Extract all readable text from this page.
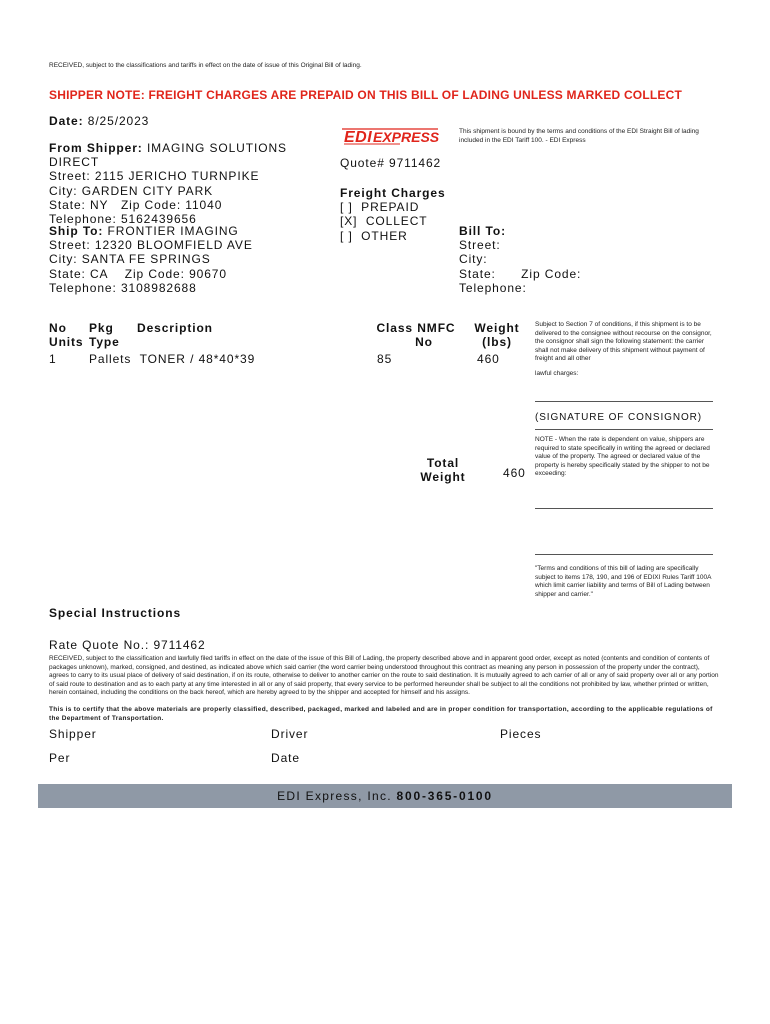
RECEIVED, subject to the classifications and tariffs in effect on the date of issue of this Original Bill of lading.
SHIPPER NOTE: FREIGHT CHARGES ARE PREPAID ON THIS BILL OF LADING UNLESS MARKED COLLECT
Date: 8/25/2023
EDI EXPRESS	This shipment is bound by the terms and conditions of the EDI Straight Bill of lading included in the EDI Tariff 100. - EDI Express
From Shipper: IMAGING SOLUTIONS DIRECT
Street: 2115 JERICHO TURNPIKE
City: GARDEN CITY PARK
State: NY   Zip Code: 11040
Telephone: 5162439656
Quote# 9711462
Freight Charges
[ ]  PREPAID
[X]  COLLECT
[ ]  OTHER
Ship To: FRONTIER IMAGING
Street: 12320 BLOOMFIELD AVE
City: SANTA FE SPRINGS
State: CA    Zip Code: 90670
Telephone: 3108982688
Bill To:
Street:
City:
State:      Zip Code:
Telephone:
No
Units
Pkg
Type
Description	Class NMFC
No
Weight
(lbs)
1	Pallets TONER / 48*40*39	85	460
Subject to Section 7 of conditions, if this shipment is to be delivered to the consignee without recourse on the consignor, the consignor shall sign the following statement: the carrier shall not make delivery of this shipment without payment of freight and all other
lawful charges:
(SIGNATURE OF CONSIGNOR)
NOTE - When the rate is dependent on value, shippers are required to state specifically in writing the agreed or declared value of the property. The agreed or declared value of the property is hereby specifically stated by the shipper to not be exceeding:
Total
Weight	460
"Terms and conditions of this bill of lading are specifically subject to items 178, 190, and 196 of EDIXI Rules Tariff 100A which limit carrier liability and terms of Bill of Lading between shipper and carrier."
Special Instructions
Rate Quote No.: 9711462
RECEIVED, subject to the classification and lawfully filed tariffs in effect on the date of the issue of this Bill of Lading, the property described above and in apparent good order, except as noted (contents and condition of contents of packages unknown), marked, consigned, and destined, as indicated above which said carrier (the word carrier being understood throughout this contract as meaning any person in possession of the property under the contract), agrees to carry to its usual place of delivery of said destination, if on its route, otherwise to deliver to another carrier on the route to said destination. It is mutually agreed to ach carrier of all or any of said property over all or any portion of said route to destination and as to each party at any time interested in all or any of said property, that every service to be performed hereunder shall be subject to all the conditions not prohibited by law, whether printed or written, herein contained, including the conditions on the back hereof, which are hereby agreed to by the shipper and accepted for himself and his assigns.
This is to certify that the above materials are properly classified, described, packaged, marked and labeled and are in proper condition for transportation, according to the applicable regulations of the Department of Transportation.
Shipper	Driver	Pieces
Per	Date
EDI Express, Inc.
800-365-0100
